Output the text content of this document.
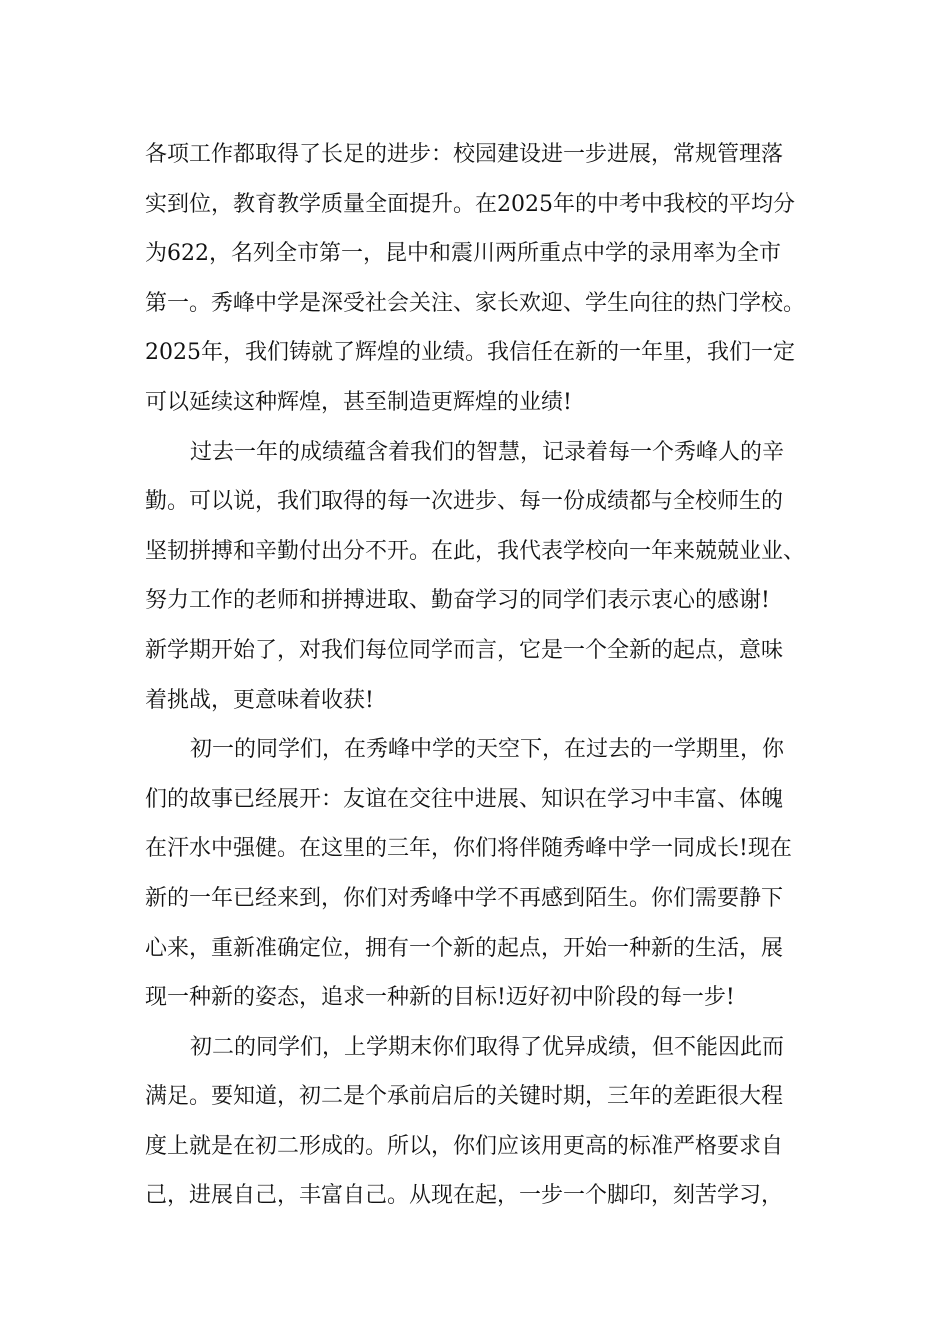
各项工作都取得了长足的进步：校园建设进一步进展，常规管理落
实到位，教育教学质量全面提升。在2025年的中考中我校的平均分
为622，名列全市第一，昆中和震川两所重点中学的录用率为全市
第一。秀峰中学是深受社会关注、家长欢迎、学生向往的热门学校。
2025年，我们铸就了辉煌的业绩。我信任在新的一年里，我们一定
可以延续这种辉煌，甚至制造更辉煌的业绩!
过去一年的成绩蕴含着我们的智慧，记录着每一个秀峰人的辛
勤。可以说，我们取得的每一次进步、每一份成绩都与全校师生的
坚韧拼搏和辛勤付出分不开。在此，我代表学校向一年来兢兢业业、
努力工作的老师和拼搏进取、勤奋学习的同学们表示衷心的感谢!
新学期开始了，对我们每位同学而言，它是一个全新的起点，意味
着挑战，更意味着收获!
初一的同学们，在秀峰中学的天空下，在过去的一学期里，你
们的故事已经展开：友谊在交往中进展、知识在学习中丰富、体魄
在汗水中强健。在这里的三年，你们将伴随秀峰中学一同成长!现在
新的一年已经来到，你们对秀峰中学不再感到陌生。你们需要静下
心来，重新准确定位，拥有一个新的起点，开始一种新的生活，展
现一种新的姿态，追求一种新的目标!迈好初中阶段的每一步!
初二的同学们，上学期末你们取得了优异成绩，但不能因此而
满足。要知道，初二是个承前启后的关键时期，三年的差距很大程
度上就是在初二形成的。所以，你们应该用更高的标准严格要求自
己，进展自己，丰富自己。从现在起，一步一个脚印，刻苦学习，
